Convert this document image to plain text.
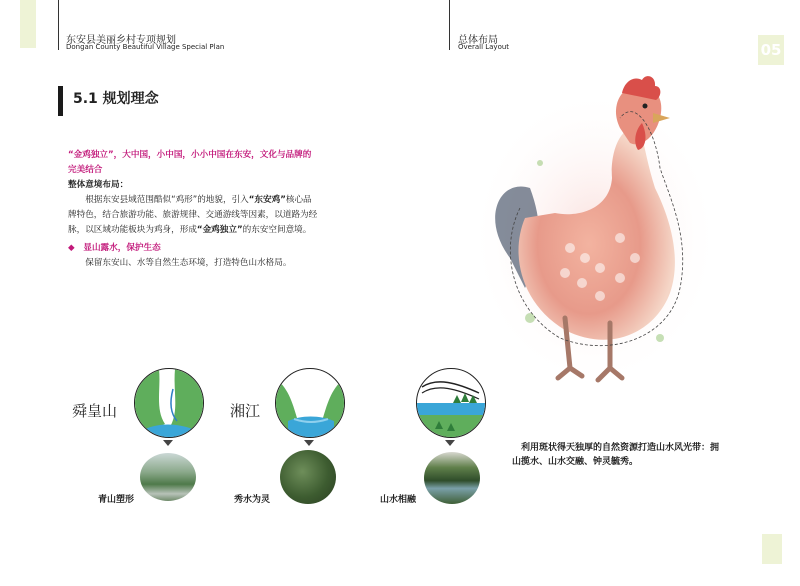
东安县美丽乡村专项规划
Dongan County Beautiful Village Special Plan
总体布局
Overall Layout	05
5.1 规划理念
“金鸡独立”，大中国，小中国，小小中国在东安，文化与品牌的完美结合
整体意境布局：
根据东安县域范围酷似“鸡形”的地貌，引入“东安鸡”核心品牌特色，结合旅游功能、旅游规律、交通游线等因素，以道路为经脉，以区域功能板块为鸡身，形成“金鸡独立”的东安空间意境。
◆ 显山露水，保护生态
保留东安山、水等自然生态环境，打造特色山水格局。
舜皇山
青山塑形
湘江
秀水为灵	山水相融
利用斑状得天独厚的自然资源打造山水风光带：拥山揽水、山水交融、钟灵毓秀。
